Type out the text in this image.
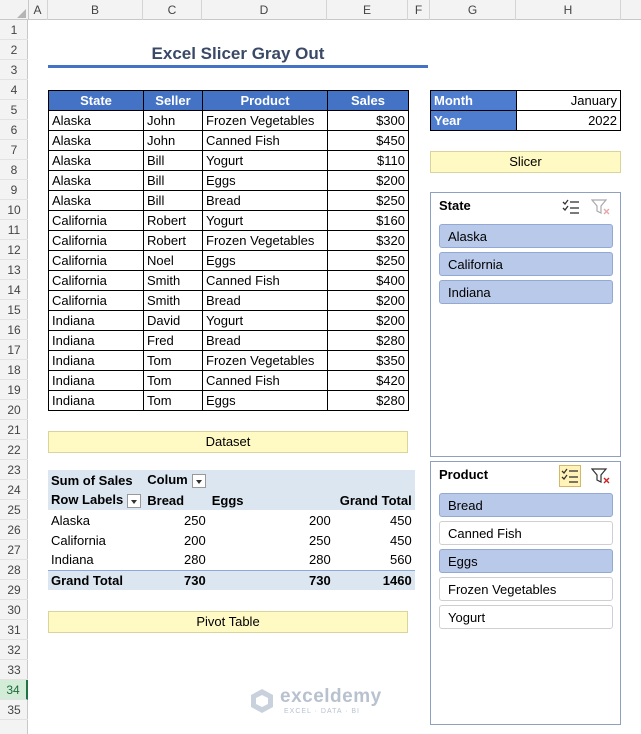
A	B	C	D	E	F	G	H
1
2
3
4
5
6
7
8
9
10
11
12
13
14
15
16
17
18
19
20
21
22
23
24
25
26
27
28
29
30
31
32
33
34
35
Excel Slicer Gray Out
State	Seller	Product	Sales
Alaska	John	Frozen Vegetables	$300
Alaska	John	Canned Fish	$450
Alaska	Bill	Yogurt	$110
Alaska	Bill	Eggs	$200
Alaska	Bill	Bread	$250
California	Robert	Yogurt	$160
California	Robert	Frozen Vegetables	$320
California	Noel	Eggs	$250
California	Smith	Canned Fish	$400
California	Smith	Bread	$200
Indiana	David	Yogurt	$200
Indiana	Fred	Bread	$280
Indiana	Tom	Frozen Vegetables	$350
Indiana	Tom	Canned Fish	$420
Indiana	Tom	Eggs	$280
Dataset
Month	January
Year	2022
Slicer
State
Alaska
California
Indiana
Product
Bread
Canned Fish
Eggs
Frozen Vegetables
Yogurt
Sum of Sales	Colum		
Row Labels	Bread	Eggs	Grand Total
Alaska	250	200	450
California	200	250	450
Indiana	280	280	560
Grand Total	730	730	1460
Pivot Table
exceldemy
EXCEL · DATA · BI
